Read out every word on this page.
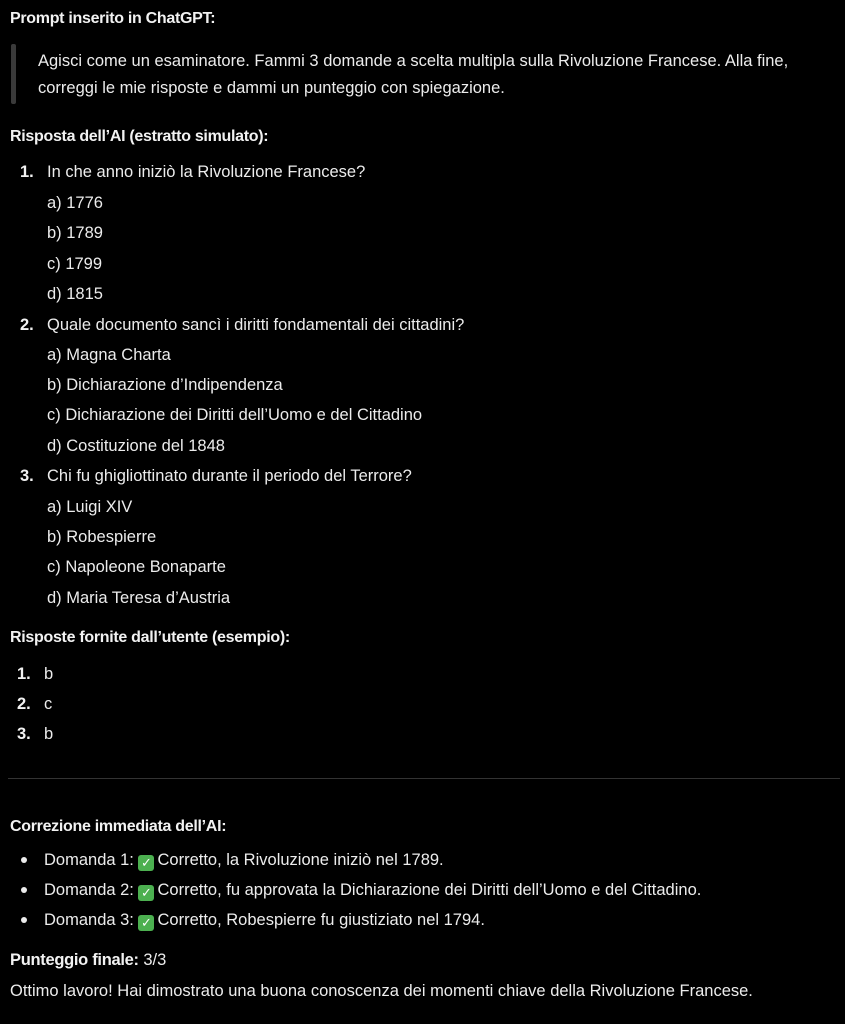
Prompt inserito in ChatGPT:
Agisci come un esaminatore. Fammi 3 domande a scelta multipla sulla Rivoluzione Francese. Alla fine, correggi le mie risposte e dammi un punteggio con spiegazione.
Risposta dell’AI (estratto simulato):
1. In che anno iniziò la Rivoluzione Francese?
a) 1776
b) 1789
c) 1799
d) 1815
2. Quale documento sancì i diritti fondamentali dei cittadini?
a) Magna Charta
b) Dichiarazione d’Indipendenza
c) Dichiarazione dei Diritti dell’Uomo e del Cittadino
d) Costituzione del 1848
3. Chi fu ghigliottinato durante il periodo del Terrore?
a) Luigi XIV
b) Robespierre
c) Napoleone Bonaparte
d) Maria Teresa d’Austria
Risposte fornite dall’utente (esempio):
1. b
2. c
3. b
Correzione immediata dell’AI:
Domanda 1: ✓ Corretto, la Rivoluzione iniziò nel 1789.
Domanda 2: ✓ Corretto, fu approvata la Dichiarazione dei Diritti dell’Uomo e del Cittadino.
Domanda 3: ✓ Corretto, Robespierre fu giustiziato nel 1794.
Punteggio finale: 3/3
Ottimo lavoro! Hai dimostrato una buona conoscenza dei momenti chiave della Rivoluzione Francese.
